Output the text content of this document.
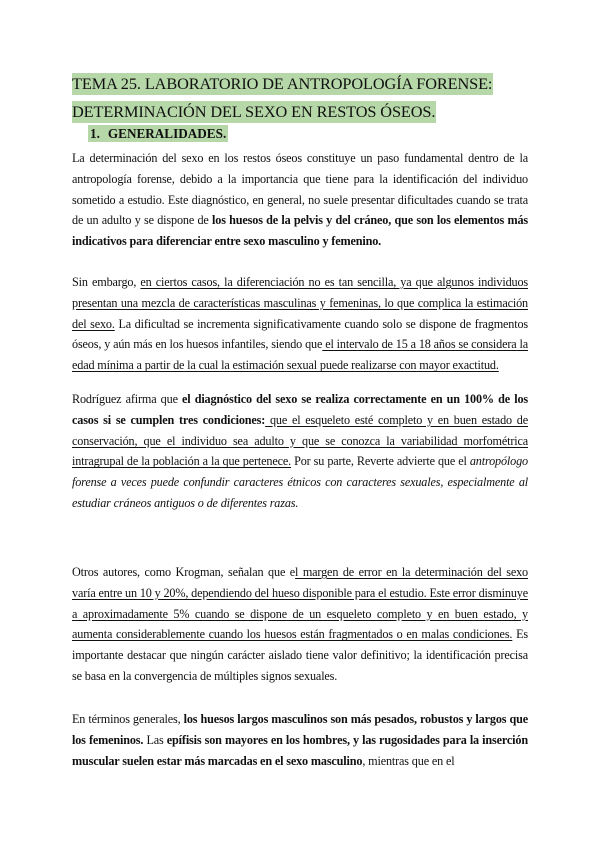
TEMA 25. LABORATORIO DE ANTROPOLOGÍA FORENSE:
DETERMINACIÓN DEL SEXO EN RESTOS ÓSEOS.
1. GENERALIDADES.
La determinación del sexo en los restos óseos constituye un paso fundamental dentro de la antropología forense, debido a la importancia que tiene para la identificación del individuo sometido a estudio. Este diagnóstico, en general, no suele presentar dificultades cuando se trata de un adulto y se dispone de los huesos de la pelvis y del cráneo, que son los elementos más indicativos para diferenciar entre sexo masculino y femenino.
Sin embargo, en ciertos casos, la diferenciación no es tan sencilla, ya que algunos individuos presentan una mezcla de características masculinas y femeninas, lo que complica la estimación del sexo. La dificultad se incrementa significativamente cuando solo se dispone de fragmentos óseos, y aún más en los huesos infantiles, siendo que el intervalo de 15 a 18 años se considera la edad mínima a partir de la cual la estimación sexual puede realizarse con mayor exactitud.
Rodríguez afirma que el diagnóstico del sexo se realiza correctamente en un 100% de los casos si se cumplen tres condiciones: que el esqueleto esté completo y en buen estado de conservación, que el individuo sea adulto y que se conozca la variabilidad morfométrica intragrupal de la población a la que pertenece. Por su parte, Reverte advierte que el antropólogo forense a veces puede confundir caracteres étnicos con caracteres sexuales, especialmente al estudiar cráneos antiguos o de diferentes razas.
Otros autores, como Krogman, señalan que el margen de error en la determinación del sexo varía entre un 10 y 20%, dependiendo del hueso disponible para el estudio. Este error disminuye a aproximadamente 5% cuando se dispone de un esqueleto completo y en buen estado, y aumenta considerablemente cuando los huesos están fragmentados o en malas condiciones. Es importante destacar que ningún carácter aislado tiene valor definitivo; la identificación precisa se basa en la convergencia de múltiples signos sexuales.
En términos generales, los huesos largos masculinos son más pesados, robustos y largos que los femeninos. Las epífisis son mayores en los hombres, y las rugosidades para la inserción muscular suelen estar más marcadas en el sexo masculino, mientras que en el
